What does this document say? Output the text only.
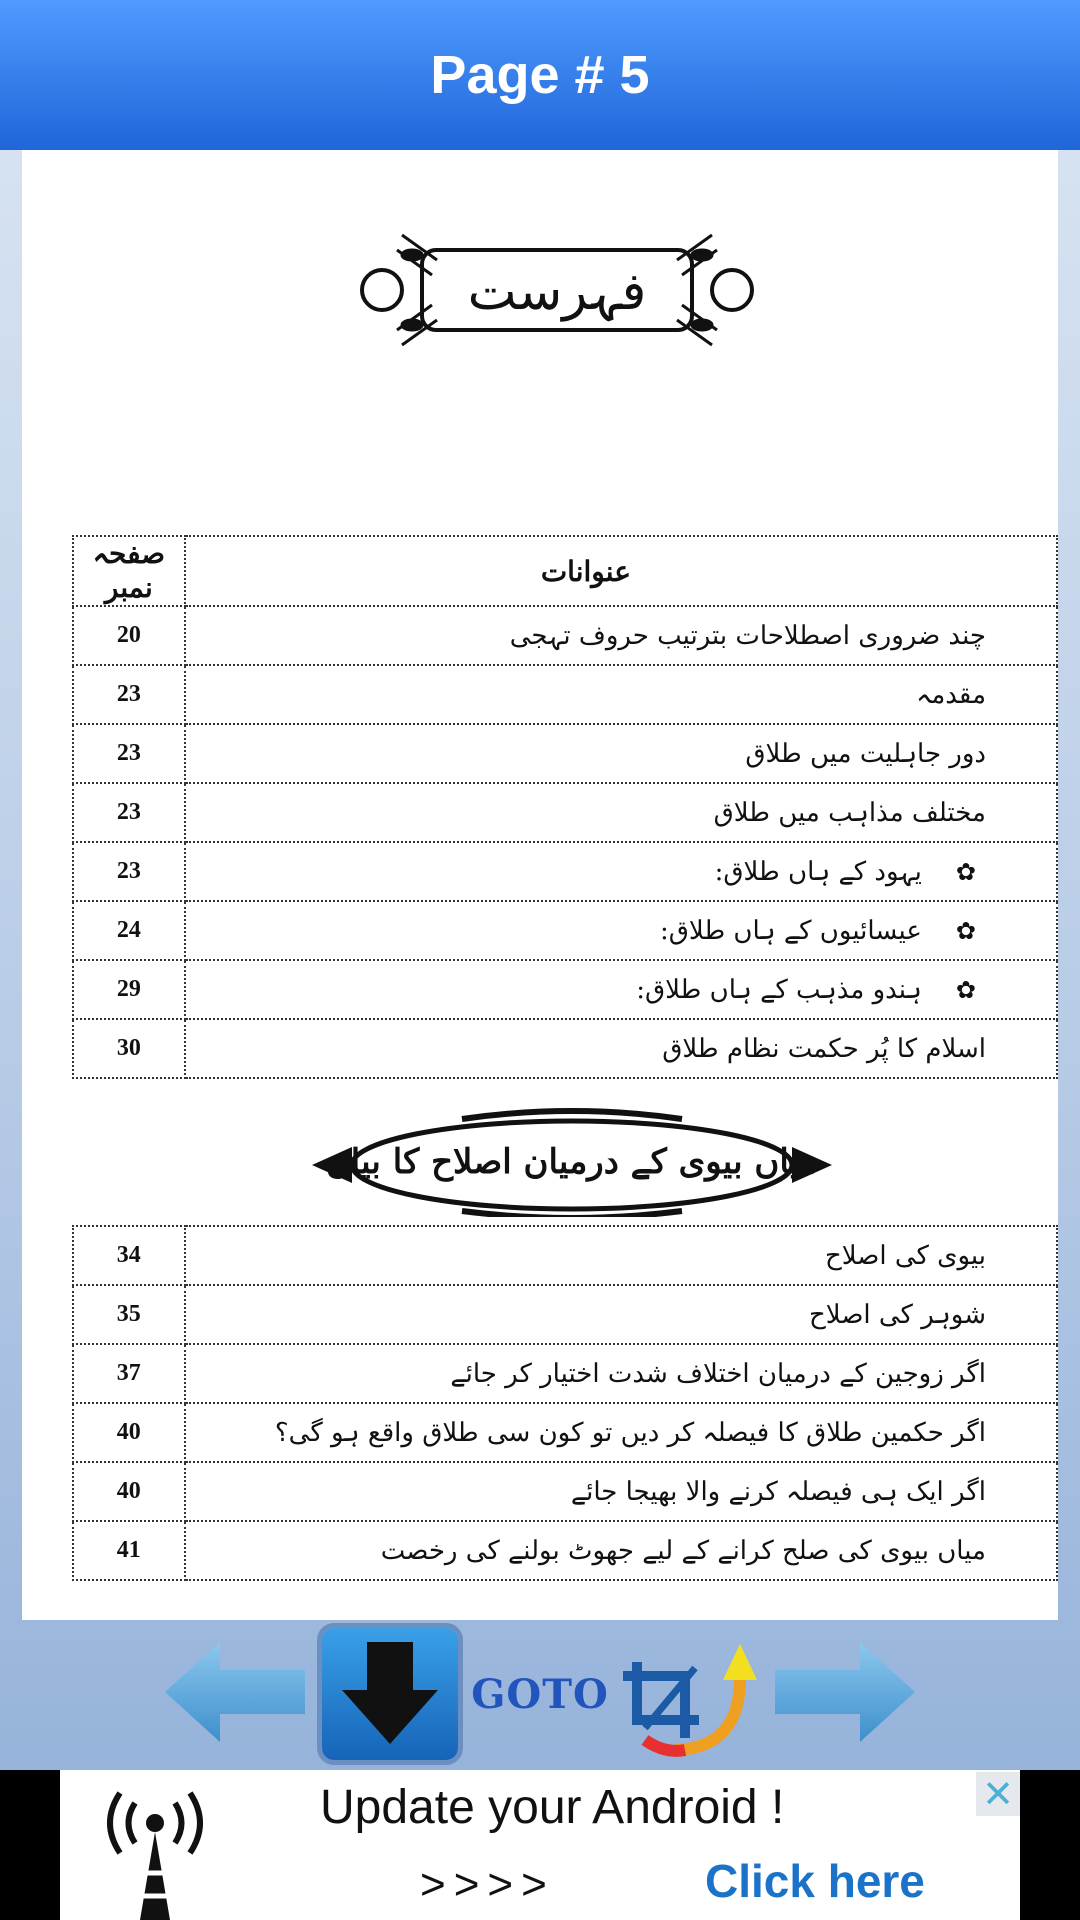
Page # 5
فہرست
صفحہ نمبر	عنوانات
20	چند ضروری اصطلاحات بترتیب حروف تہجی
23	مقدمہ
23	دور جاہلیت میں طلاق
23	مختلف مذاہب میں طلاق
23	✿یہود کے ہاں طلاق:
24	✿عیسائیوں کے ہاں طلاق:
29	✿ہندو مذہب کے ہاں طلاق:
30	اسلام کا پُر حکمت نظام طلاق
میاں بیوی کے درمیان اصلاح کا بیان
34	بیوی کی اصلاح
35	شوہر کی اصلاح
37	اگر زوجین کے درمیان اختلاف شدت اختیار کر جائے
40	اگر حکمین طلاق کا فیصلہ کر دیں تو کون سی طلاق واقع ہو گی؟
40	اگر ایک ہی فیصلہ کرنے والا بھیجا جائے
41	میاں بیوی کی صلح کرانے کے لیے جھوٹ بولنے کی رخصت
GOTO
Update your Android !
>>>>	Click here
✕
